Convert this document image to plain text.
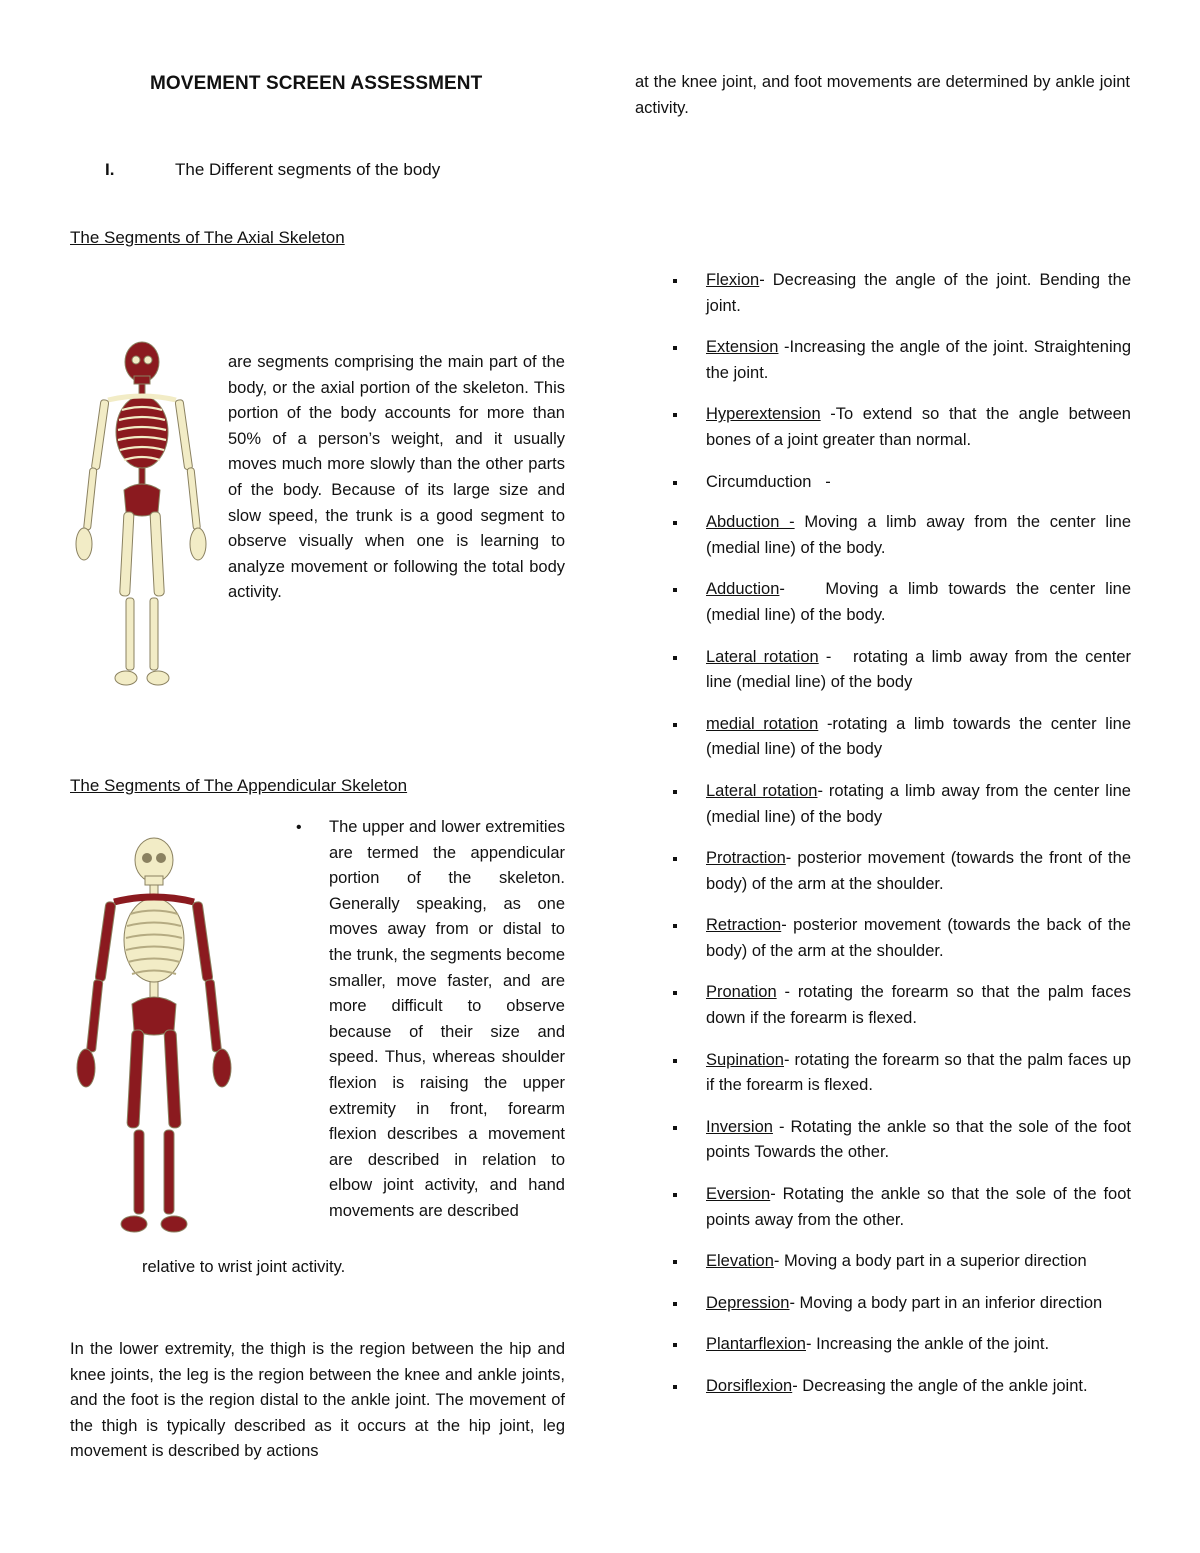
MOVEMENT SCREEN ASSESSMENT
I.	The Different segments of the body

The Segments of The Axial Skeleton

are segments comprising the main part of the body, or the axial portion of the skeleton. This portion of the body accounts for more than 50% of a person’s weight, and it usually moves much more slowly than the other parts of the body. Because of its large size and slow speed, the trunk is a good segment to observe visually when one is learning to analyze movement or following the total body activity.

The Segments of The Appendicular Skeleton

• The upper and lower extremities are termed the appendicular portion of the skeleton. Generally speaking, as one moves away from or distal to the trunk, the segments become smaller, move faster, and are more difficult to observe because of their size and speed. Thus, whereas shoulder flexion is raising the upper extremity in front, forearm flexion describes a movement are described in relation to elbow joint activity, and hand movements are described

relative to wrist joint activity.

In the lower extremity, the thigh is the region between the hip and knee joints, the leg is the region between the knee and ankle joints, and the foot is the region distal to the ankle joint. The movement of the thigh is typically described as it occurs at the hip joint, leg movement is described by actions

at the knee joint, and foot movements are determined by ankle joint activity.

Flexion- Decreasing the angle of the joint. Bending the joint.
Extension -Increasing the angle of the joint. Straightening the joint.
Hyperextension -To extend so that the angle between bones of a joint greater than normal.
Circumduction   -
Abduction - Moving a limb away from the center line (medial line) of the body.
Adduction-    Moving a limb towards the center line (medial line) of the body.
Lateral rotation -   rotating a limb away from the center line (medial line) of the body
medial rotation -rotating a limb towards the center line (medial line) of the body
Lateral rotation- rotating a limb away from the center line (medial line) of the body
Protraction- posterior movement (towards the front of the body) of the arm at the shoulder.
Retraction- posterior movement (towards the back of the body) of the arm at the shoulder.
Pronation - rotating the forearm so that the palm faces down if the forearm is flexed.
Supination- rotating the forearm so that the palm faces up if the forearm is flexed.
Inversion - Rotating the ankle so that the sole of the foot points Towards the other.
Eversion- Rotating the ankle so that the sole of the foot points away from the other.
Elevation- Moving a body part in a superior direction
Depression- Moving a body part in an inferior direction
Plantarflexion- Increasing the ankle of the joint.
Dorsiflexion- Decreasing the angle of the ankle joint.
